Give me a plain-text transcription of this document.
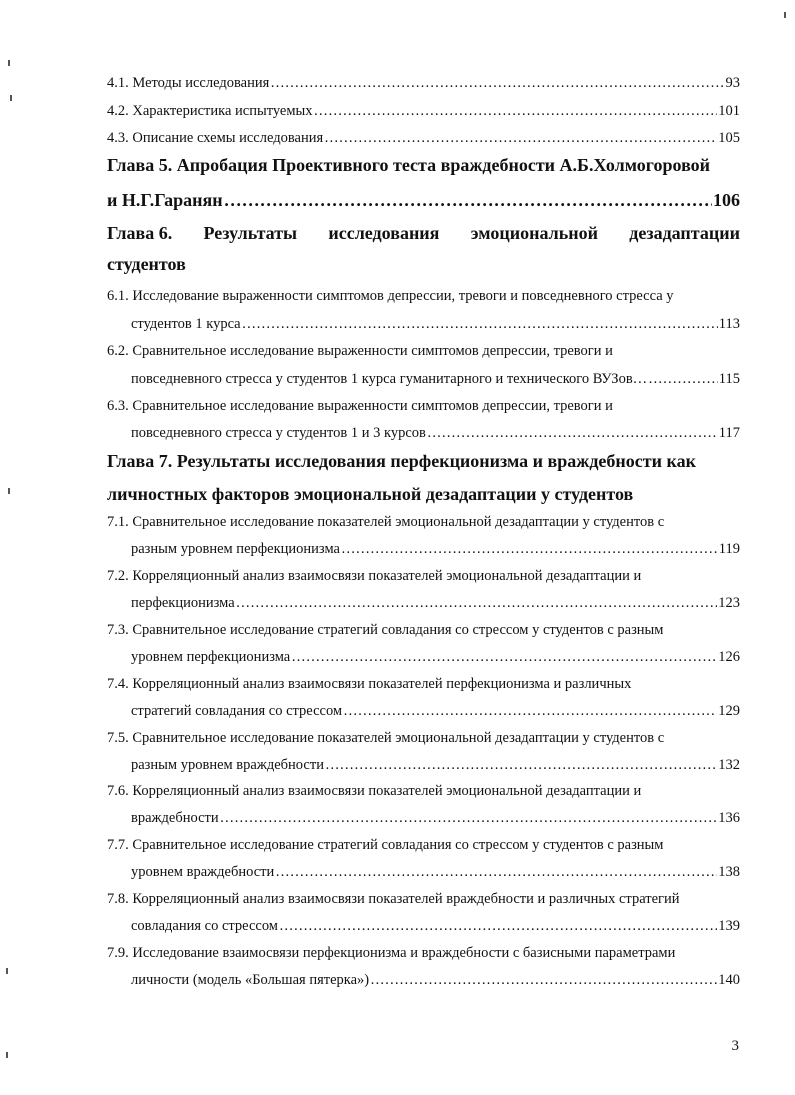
4.1. Методы исследования …………………………………………………………………………………………………………………………………………………………………………………………………………	93
4.2. Характеристика испытуемых …………………………………………………………………………………………………………………………………………………………………………………………………………	101
4.3. Описание схемы исследования …………………………………………………………………………………………………………………………………………………………………………………………………………	105
Глава 5. Апробация Проективного теста враждебности А.Б.Холмогоровой
и Н.Г.Гаранян …………………………………………………………………………………………………………………………………………………………………………………………………………	106
Глава 6. Результаты исследования эмоциональной дезадаптации
студентов
6.1. Исследование выраженности симптомов депрессии, тревоги и повседневного стресса у
студентов 1 курса …………………………………………………………………………………………………………………………………………………………………………………………………………	113
6.2. Сравнительное исследование выраженности симптомов депрессии, тревоги и
повседневного стресса у студентов 1 курса гуманитарного и технического ВУЗов… …………………………………………………………………………………………………………………………………………………………………………………………………………	115
6.3. Сравнительное исследование выраженности симптомов депрессии, тревоги и
повседневного стресса у студентов 1 и 3 курсов …………………………………………………………………………………………………………………………………………………………………………………………………………	117
Глава 7. Результаты исследования перфекционизма и враждебности как
личностных факторов эмоциональной дезадаптации у студентов
7.1. Сравнительное исследование показателей эмоциональной дезадаптации у студентов с
разным уровнем перфекционизма …………………………………………………………………………………………………………………………………………………………………………………………………………	119
7.2. Корреляционный анализ взаимосвязи показателей эмоциональной дезадаптации и
перфекционизма …………………………………………………………………………………………………………………………………………………………………………………………………………	123
7.3. Сравнительное исследование стратегий совладания со стрессом у студентов с разным
уровнем перфекционизма …………………………………………………………………………………………………………………………………………………………………………………………………………	126
7.4. Корреляционный анализ взаимосвязи показателей перфекционизма и различных
стратегий совладания со стрессом …………………………………………………………………………………………………………………………………………………………………………………………………………	129
7.5. Сравнительное исследование показателей эмоциональной дезадаптации у студентов с
разным уровнем враждебности …………………………………………………………………………………………………………………………………………………………………………………………………………	132
7.6. Корреляционный анализ взаимосвязи показателей эмоциональной дезадаптации и
враждебности …………………………………………………………………………………………………………………………………………………………………………………………………………	136
7.7. Сравнительное исследование стратегий совладания со стрессом у студентов с разным
уровнем враждебности …………………………………………………………………………………………………………………………………………………………………………………………………………	138
7.8. Корреляционный анализ взаимосвязи показателей враждебности и различных стратегий
совладания со стрессом …………………………………………………………………………………………………………………………………………………………………………………………………………	139
7.9. Исследование взаимосвязи перфекционизма и враждебности с базисными параметрами
личности (модель «Большая пятерка») …………………………………………………………………………………………………………………………………………………………………………………………………………	140
3
